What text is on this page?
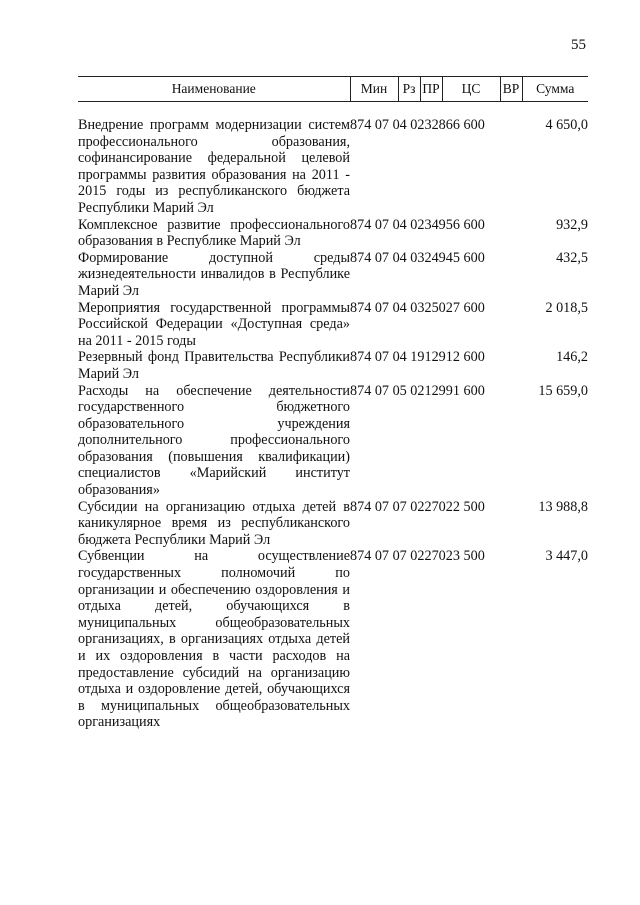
55
Наименование	Мин	Рз	ПР	ЦС	ВР	Сумма

Внедрение программ модернизации систем профессионального образования, софинансирование федеральной целевой программы развития образования на 2011 - 2015 годы из республиканского бюджета Республики Марий Эл	874 07 04 0232866 600					4 650,0
Комплексное развитие профессионального образования в Республике Марий Эл	874 07 04 0234956 600					932,9
Формирование доступной среды жизнедеятельности инвалидов в Республике Марий Эл	874 07 04 0324945 600					432,5
Мероприятия государственной программы Российской Федерации «Доступная среда» на 2011 - 2015 годы	874 07 04 0325027 600					2 018,5
Резервный фонд Правительства Республики Марий Эл	874 07 04 1912912 600					146,2
Расходы на обеспечение деятельности государственного бюджетного образовательного учреждения дополнительного профессионального образования (повышения квалификации) специалистов «Марийский институт образования»	874 07 05 0212991 600					15 659,0
Субсидии на организацию отдыха детей в каникулярное время из республиканского бюджета Республики Марий Эл	874 07 07 0227022 500					13 988,8
Субвенции на осуществление государственных полномочий по организации и обеспечению оздоровления и отдыха детей, обучающихся в муниципальных общеобразовательных организациях, в организациях отдыха детей и их оздоровления в части расходов на предоставление субсидий на организацию отдыха и оздоровление детей, обучающихся в муниципальных общеобразовательных организациях	874 07 07 0227023 500					3 447,0
